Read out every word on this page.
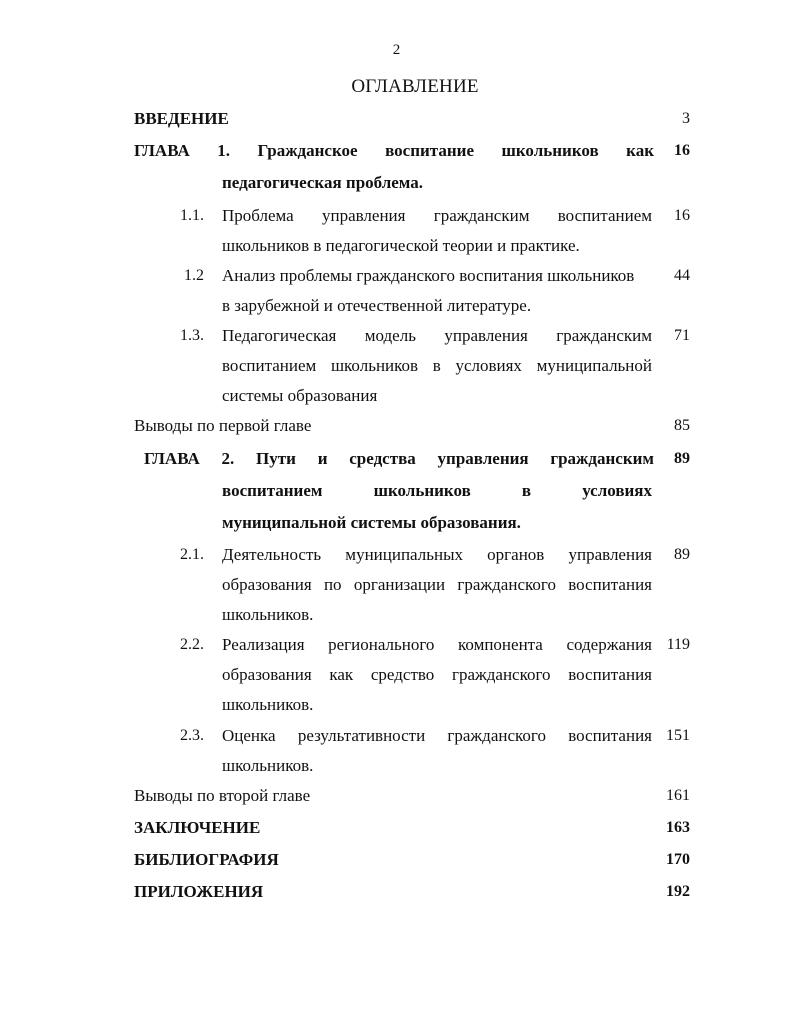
2
ОГЛАВЛЕНИЕ
ВВЕДЕНИЕ	3
ГЛАВА 1. Гражданское воспитание школьников как	16
педагогическая проблема.
1.1. Проблема управления гражданским воспитанием	16
школьников в педагогической теории и практике.
1.2 Анализ проблемы гражданского воспитания школьников	44
в зарубежной и отечественной литературе.
1.3. Педагогическая модель управления гражданским	71
воспитанием школьников в условиях муниципальной
системы образования
Выводы по первой главе	85
ГЛАВА 2. Пути и средства управления гражданским	89
воспитанием школьников в условиях
муниципальной системы образования.
2.1. Деятельность муниципальных органов управления	89
образования по организации гражданского воспитания
школьников.
2.2. Реализация регионального компонента содержания 119
образования как средство гражданского воспитания
школьников.
2.3. Оценка результативности гражданского воспитания 151
школьников.
Выводы по второй главе	161
ЗАКЛЮЧЕНИЕ	163
БИБЛИОГРАФИЯ	170
ПРИЛОЖЕНИЯ	192
